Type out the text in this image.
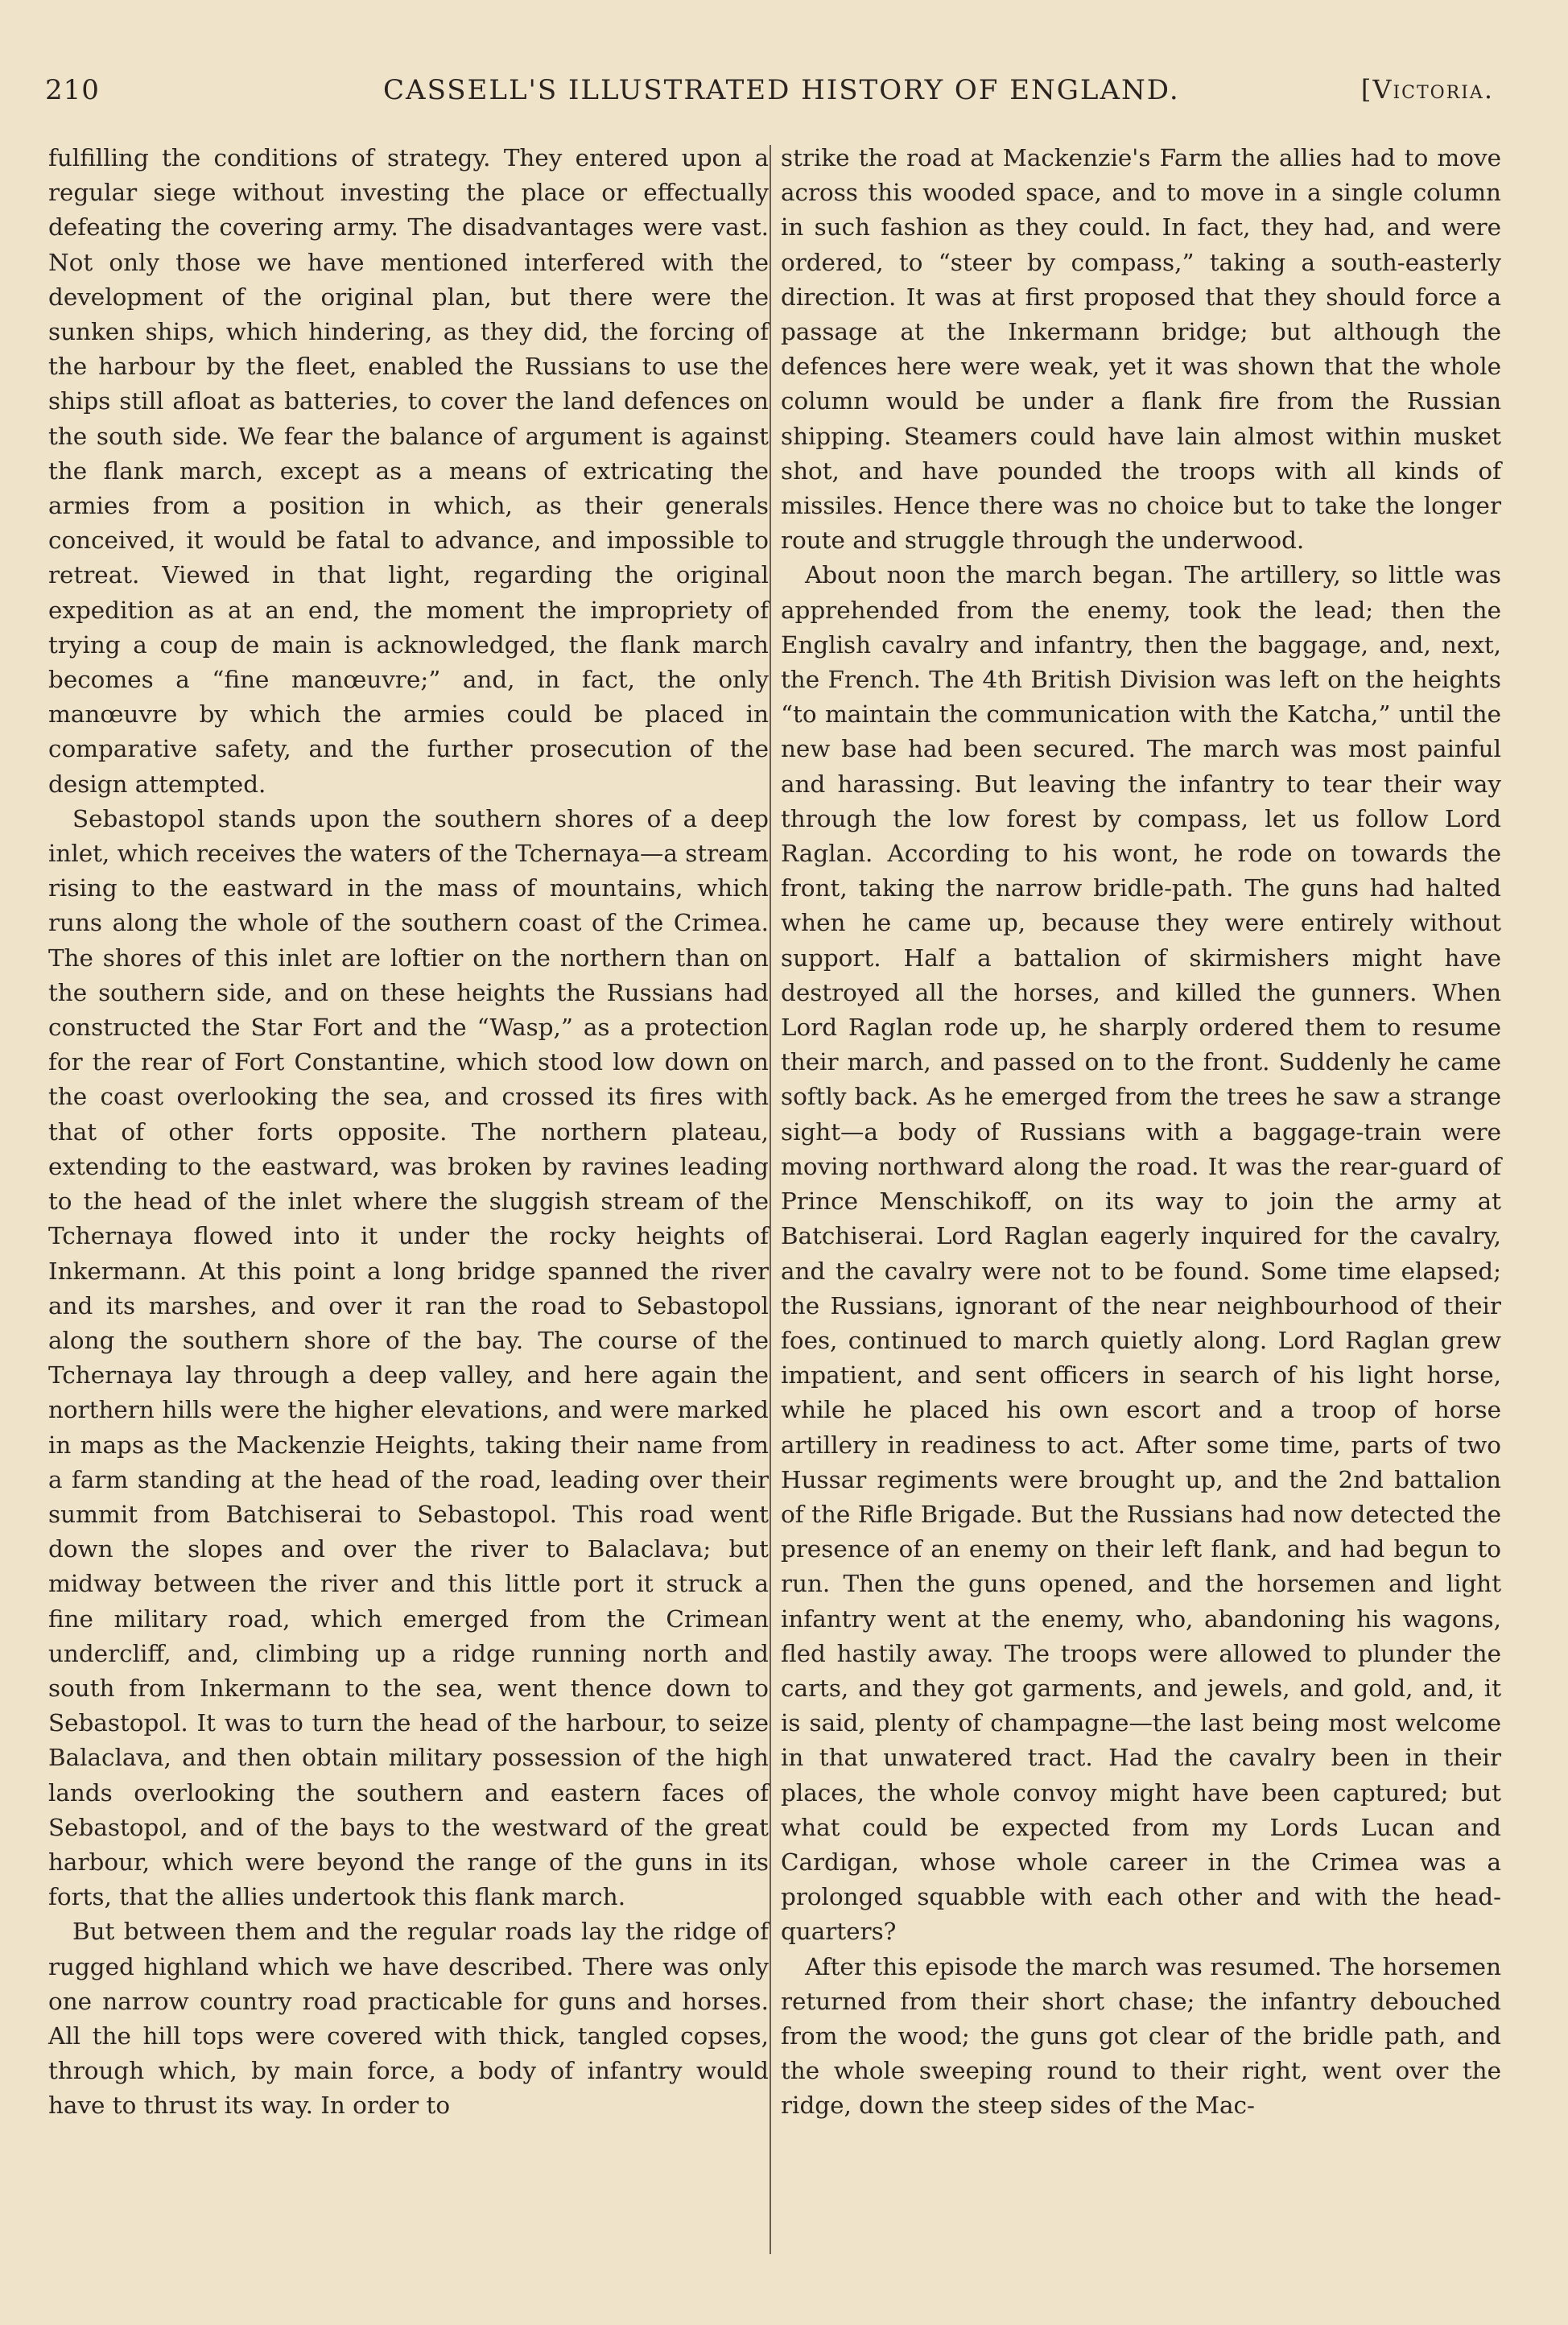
210	CASSELL'S ILLUSTRATED HISTORY OF ENGLAND.	[Victoria.

fulfilling the conditions of strategy. They entered upon a regular siege without investing the place or effectually defeating the covering army. The disadvantages were vast. Not only those we have mentioned interfered with the development of the original plan, but there were the sunken ships, which hindering, as they did, the forcing of the harbour by the fleet, enabled the Russians to use the ships still afloat as batteries, to cover the land defences on the south side. We fear the balance of argument is against the flank march, except as a means of extricating the armies from a position in which, as their generals conceived, it would be fatal to advance, and impossible to retreat. Viewed in that light, regarding the original expedition as at an end, the moment the impropriety of trying a coup de main is acknowledged, the flank march becomes a “fine manœuvre;” and, in fact, the only manœuvre by which the armies could be placed in comparative safety, and the further prosecution of the design attempted.

Sebastopol stands upon the southern shores of a deep inlet, which receives the waters of the Tchernaya—a stream rising to the eastward in the mass of mountains, which runs along the whole of the southern coast of the Crimea. The shores of this inlet are loftier on the northern than on the southern side, and on these heights the Russians had constructed the Star Fort and the “Wasp,” as a protection for the rear of Fort Constantine, which stood low down on the coast overlooking the sea, and crossed its fires with that of other forts opposite. The northern plateau, extending to the eastward, was broken by ravines leading to the head of the inlet where the sluggish stream of the Tchernaya flowed into it under the rocky heights of Inkermann. At this point a long bridge spanned the river and its marshes, and over it ran the road to Sebastopol along the southern shore of the bay. The course of the Tchernaya lay through a deep valley, and here again the northern hills were the higher elevations, and were marked in maps as the Mackenzie Heights, taking their name from a farm standing at the head of the road, leading over their summit from Batchiserai to Sebastopol. This road went down the slopes and over the river to Balaclava; but midway between the river and this little port it struck a fine military road, which emerged from the Crimean undercliff, and, climbing up a ridge running north and south from Inkermann to the sea, went thence down to Sebastopol. It was to turn the head of the harbour, to seize Balaclava, and then obtain military possession of the high lands overlooking the southern and eastern faces of Sebastopol, and of the bays to the westward of the great harbour, which were beyond the range of the guns in its forts, that the allies undertook this flank march.

But between them and the regular roads lay the ridge of rugged highland which we have described. There was only one narrow country road practicable for guns and horses. All the hill tops were covered with thick, tangled copses, through which, by main force, a body of infantry would have to thrust its way. In order to

strike the road at Mackenzie's Farm the allies had to move across this wooded space, and to move in a single column in such fashion as they could. In fact, they had, and were ordered, to “steer by compass,” taking a south-easterly direction. It was at first proposed that they should force a passage at the Inkermann bridge; but although the defences here were weak, yet it was shown that the whole column would be under a flank fire from the Russian shipping. Steamers could have lain almost within musket shot, and have pounded the troops with all kinds of missiles. Hence there was no choice but to take the longer route and struggle through the underwood.

About noon the march began. The artillery, so little was apprehended from the enemy, took the lead; then the English cavalry and infantry, then the baggage, and, next, the French. The 4th British Division was left on the heights “to maintain the communication with the Katcha,” until the new base had been secured. The march was most painful and harassing. But leaving the infantry to tear their way through the low forest by compass, let us follow Lord Raglan. According to his wont, he rode on towards the front, taking the narrow bridle-path. The guns had halted when he came up, because they were entirely without support. Half a battalion of skirmishers might have destroyed all the horses, and killed the gunners. When Lord Raglan rode up, he sharply ordered them to resume their march, and passed on to the front. Suddenly he came softly back. As he emerged from the trees he saw a strange sight—a body of Russians with a baggage-train were moving northward along the road. It was the rear-guard of Prince Menschikoff, on its way to join the army at Batchiserai. Lord Raglan eagerly inquired for the cavalry, and the cavalry were not to be found. Some time elapsed; the Russians, ignorant of the near neighbourhood of their foes, continued to march quietly along. Lord Raglan grew impatient, and sent officers in search of his light horse, while he placed his own escort and a troop of horse artillery in readiness to act. After some time, parts of two Hussar regiments were brought up, and the 2nd battalion of the Rifle Brigade. But the Russians had now detected the presence of an enemy on their left flank, and had begun to run. Then the guns opened, and the horsemen and light infantry went at the enemy, who, abandoning his wagons, fled hastily away. The troops were allowed to plunder the carts, and they got garments, and jewels, and gold, and, it is said, plenty of champagne—the last being most welcome in that unwatered tract. Had the cavalry been in their places, the whole convoy might have been captured; but what could be expected from my Lords Lucan and Cardigan, whose whole career in the Crimea was a prolonged squabble with each other and with the head-quarters?

After this episode the march was resumed. The horsemen returned from their short chase; the infantry debouched from the wood; the guns got clear of the bridle path, and the whole sweeping round to their right, went over the ridge, down the steep sides of the Mac-
